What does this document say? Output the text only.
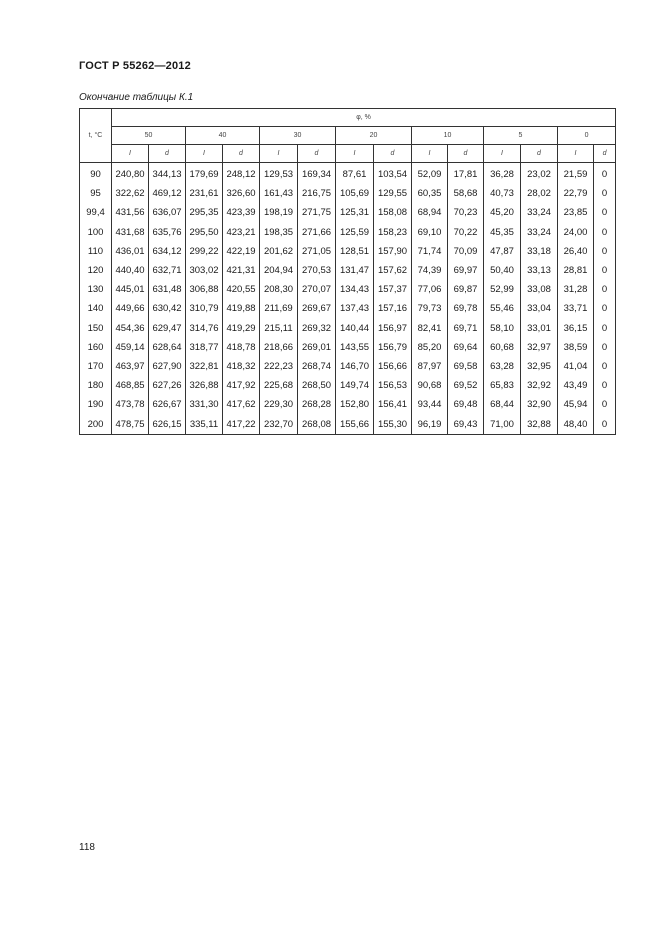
ГОСТ Р 55262—2012
Окончание таблицы К.1
t, °C	φ, %													
	50		40		30		20		10		5		0	
	I	d	I	d	I	d	I	d	I	d	I	d	I	d
90	240,80	344,13	179,69	248,12	129,53	169,34	87,61	103,54	52,09	17,81	36,28	23,02	21,59	0
95	322,62	469,12	231,61	326,60	161,43	216,75	105,69	129,55	60,35	58,68	40,73	28,02	22,79	0
99,4	431,56	636,07	295,35	423,39	198,19	271,75	125,31	158,08	68,94	70,23	45,20	33,24	23,85	0
100	431,68	635,76	295,50	423,21	198,35	271,66	125,59	158,23	69,10	70,22	45,35	33,24	24,00	0
110	436,01	634,12	299,22	422,19	201,62	271,05	128,51	157,90	71,74	70,09	47,87	33,18	26,40	0
120	440,40	632,71	303,02	421,31	204,94	270,53	131,47	157,62	74,39	69,97	50,40	33,13	28,81	0
130	445,01	631,48	306,88	420,55	208,30	270,07	134,43	157,37	77,06	69,87	52,99	33,08	31,28	0
140	449,66	630,42	310,79	419,88	211,69	269,67	137,43	157,16	79,73	69,78	55,46	33,04	33,71	0
150	454,36	629,47	314,76	419,29	215,11	269,32	140,44	156,97	82,41	69,71	58,10	33,01	36,15	0
160	459,14	628,64	318,77	418,78	218,66	269,01	143,55	156,79	85,20	69,64	60,68	32,97	38,59	0
170	463,97	627,90	322,81	418,32	222,23	268,74	146,70	156,66	87,97	69,58	63,28	32,95	41,04	0
180	468,85	627,26	326,88	417,92	225,68	268,50	149,74	156,53	90,68	69,52	65,83	32,92	43,49	0
190	473,78	626,67	331,30	417,62	229,30	268,28	152,80	156,41	93,44	69,48	68,44	32,90	45,94	0
200	478,75	626,15	335,11	417,22	232,70	268,08	155,66	155,30	96,19	69,43	71,00	32,88	48,40	0
118
